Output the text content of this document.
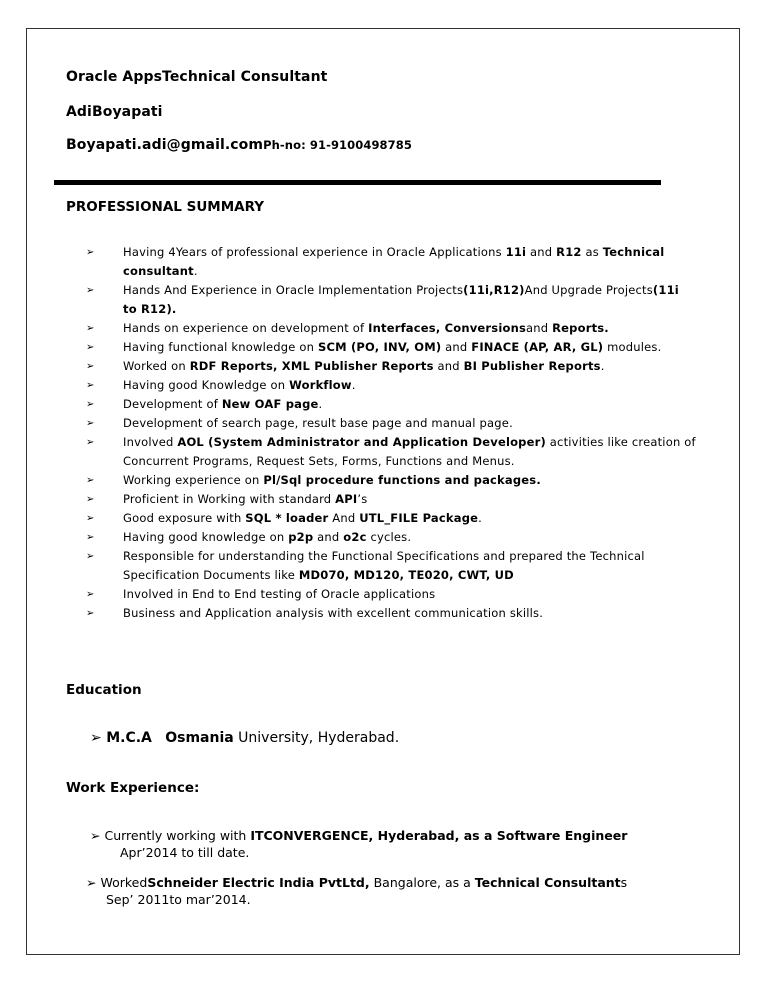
Oracle AppsTechnical Consultant
AdiBoyapati
Boyapati.adi@gmail.comPh-no: 91-9100498785
PROFESSIONAL SUMMARY
➢ Having 4Years of professional experience in Oracle Applications 11i and R12 as Technical consultant.
➢ Hands And Experience in Oracle Implementation Projects(11i,R12)And Upgrade Projects(11i to R12).
➢ Hands on experience on development of Interfaces, Conversionsand Reports.
➢ Having functional knowledge on SCM (PO, INV, OM) and FINACE (AP, AR, GL) modules.
➢ Worked on RDF Reports, XML Publisher Reports and BI Publisher Reports.
➢ Having good Knowledge on Workflow.
➢ Development of New OAF page.
➢ Development of search page, result base page and manual page.
➢ Involved AOL (System Administrator and Application Developer) activities like creation of Concurrent Programs, Request Sets, Forms, Functions and Menus.
➢ Working experience on Pl/Sql procedure functions and packages.
➢ Proficient in Working with standard API’s
➢ Good exposure with SQL * loader And UTL_FILE Package.
➢ Having good knowledge on p2p and o2c cycles.
➢ Responsible for understanding the Functional Specifications and prepared the Technical Specification Documents like MD070, MD120, TE020, CWT, UD
➢ Involved in End to End testing of Oracle applications
➢ Business and Application analysis with excellent communication skills.
Education
➢ M.C.A Osmania University, Hyderabad.
Work Experience:
➢ Currently working with ITCONVERGENCE, Hyderabad, as a Software Engineer
Apr’2014 to till date.
➢ WorkedSchneider Electric India PvtLtd, Bangalore, as a Technical Consultants
Sep’ 2011to mar’2014.
